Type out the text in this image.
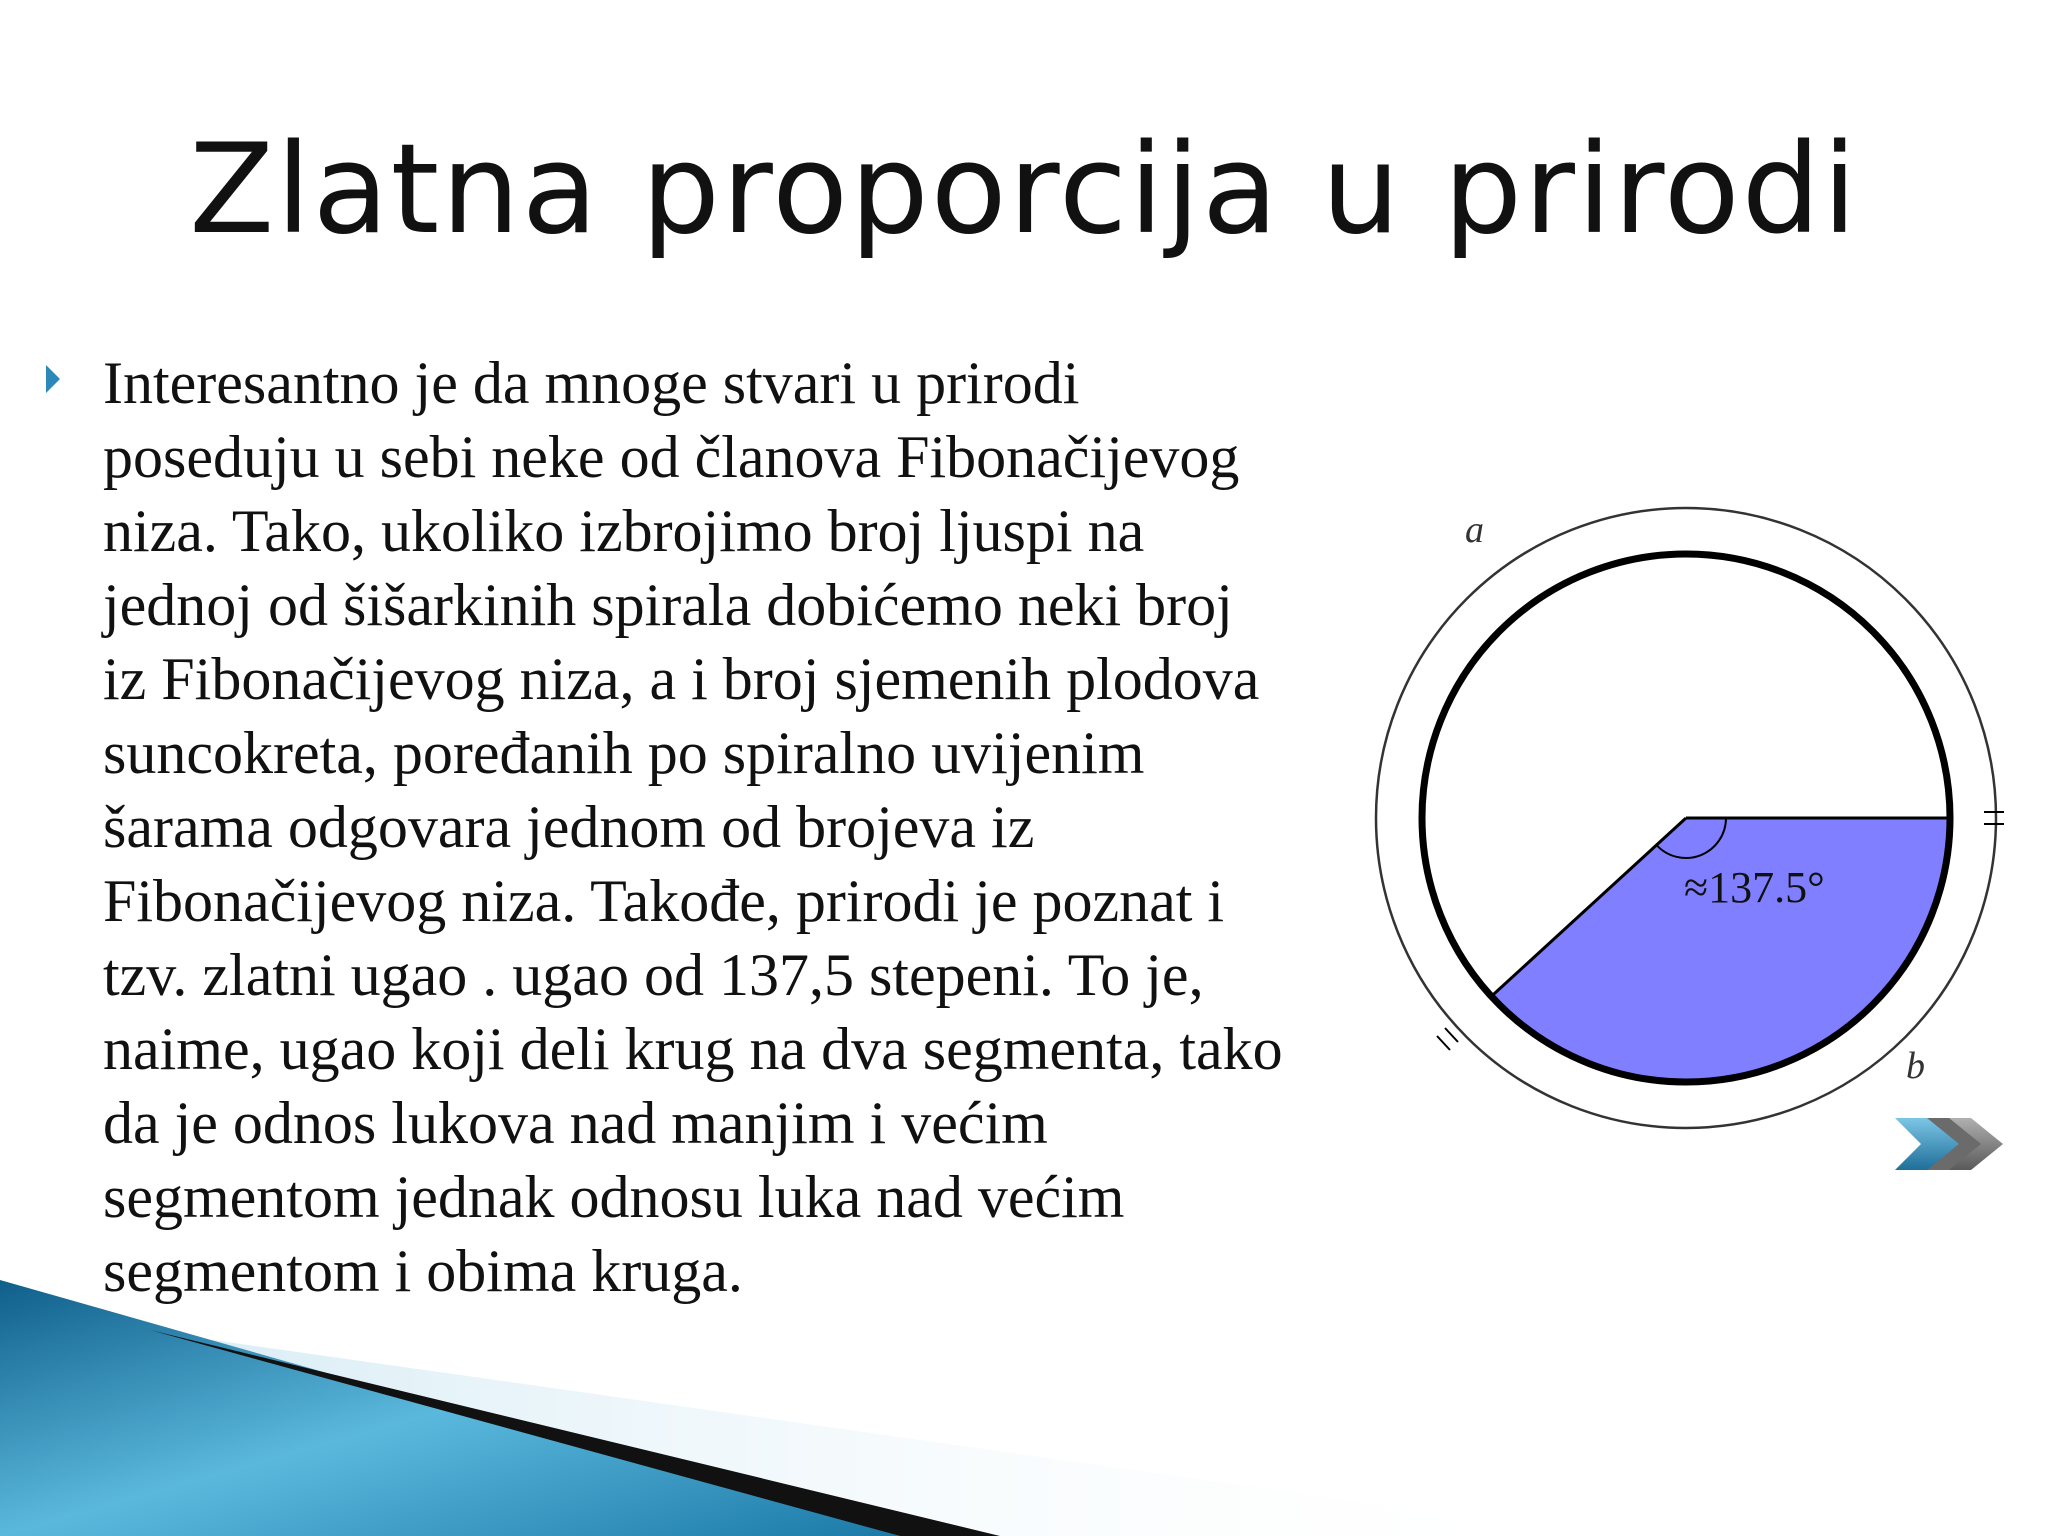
Zlatna proporcija u prirodi
Interesantno je da mnoge stvari u prirodi
poseduju u sebi neke od članova Fibonačijevog
niza. Tako, ukoliko izbrojimo broj ljuspi na
jednoj od šišarkinih spirala dobićemo neki broj
iz Fibonačijevog niza, a i broj sjemenih plodova
suncokreta, poređanih po spiralno uvijenim
šarama odgovara jednom od brojeva iz
Fibonačijevog niza. Takođe, prirodi je poznat i
tzv. zlatni ugao . ugao od 137,5 stepeni. To je,
naime, ugao koji deli krug na dva segmenta, tako
da je odnos lukova nad manjim i većim
segmentom jednak odnosu luka nad većim
segmentom i obima kruga.
a
b
≈137.5°
